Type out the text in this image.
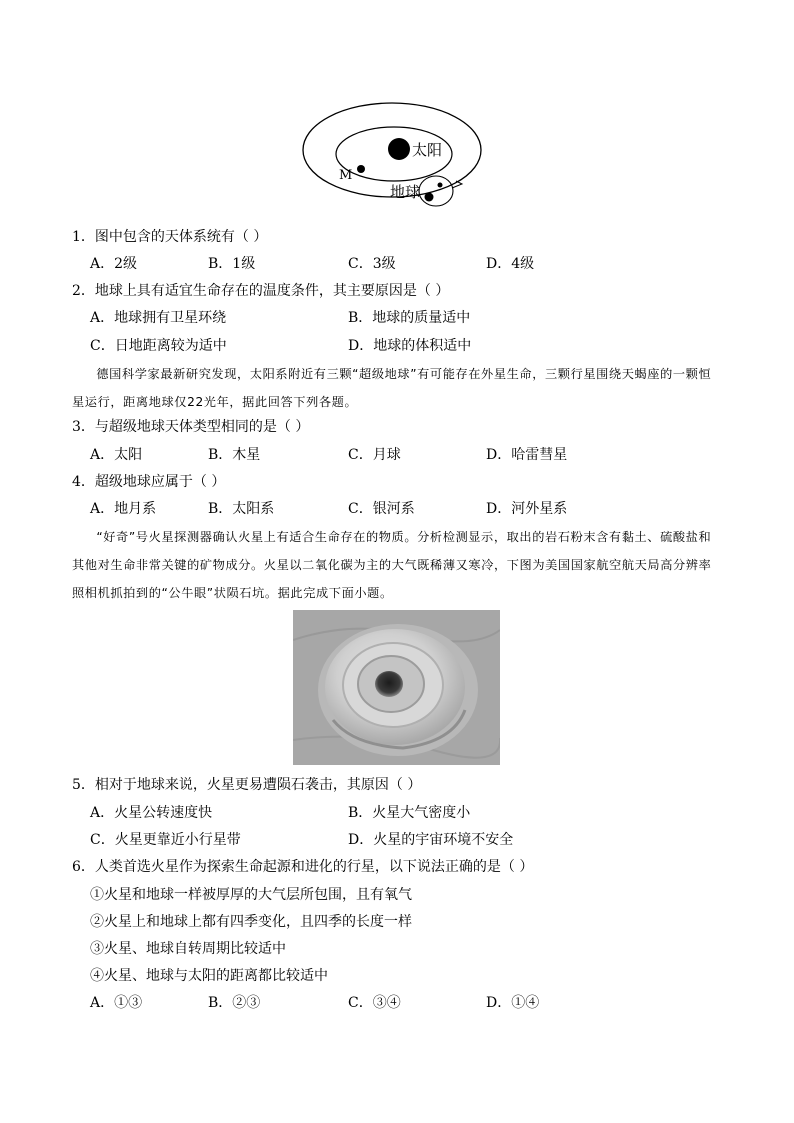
太阳
M
地球
1．图中包含的天体系统有（ ）
A．2级	B．1级	C．3级	D．4级
2．地球上具有适宜生命存在的温度条件，其主要原因是（ ）
A．地球拥有卫星环绕	B．地球的质量适中
C．日地距离较为适中	D．地球的体积适中

德国科学家最新研究发现，太阳系附近有三颗“超级地球”有可能存在外星生命，三颗行星围绕天蝎座的一颗恒星运行，距离地球仅22光年，据此回答下列各题。

3．与超级地球天体类型相同的是（ ）
A．太阳	B．木星	C．月球	D．哈雷彗星
4．超级地球应属于（ ）
A．地月系	B．太阳系	C．银河系	D．河外星系

“好奇”号火星探测器确认火星上有适合生命存在的物质。分析检测显示，取出的岩石粉末含有黏土、硫酸盐和其他对生命非常关键的矿物成分。火星以二氧化碳为主的大气既稀薄又寒冷，下图为美国国家航空航天局高分辨率照相机抓拍到的“公牛眼”状陨石坑。据此完成下面小题。

5．相对于地球来说，火星更易遭陨石袭击，其原因（ ）
A．火星公转速度快	B．火星大气密度小
C．火星更靠近小行星带	D．火星的宇宙环境不安全
6．人类首选火星作为探索生命起源和进化的行星，以下说法正确的是（ ）
①火星和地球一样被厚厚的大气层所包围，且有氧气
②火星上和地球上都有四季变化，且四季的长度一样
③火星、地球自转周期比较适中
④火星、地球与太阳的距离都比较适中
A．①③	B．②③	C．③④	D．①④
